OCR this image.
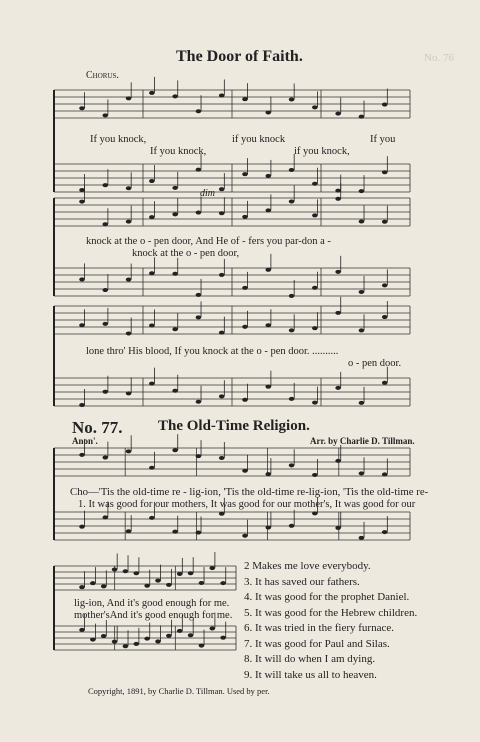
The Door of Faith.	No. 76
Chorus.
If you knock,	if you knock	If you
If you knock,	if you knock,
dim
knock at the o - pen door, And He of - fers you par-don a -
knock at the o - pen door,
lone thro' His blood, If you knock at the o - pen door. ..........
o - pen door.
No. 77. The Old-Time Religion.
Anon'.	Arr. by Charlie D. Tillman.
Cho—'Tis the old-time re - lig-ion, 'Tis the old-time re-lig-ion, 'Tis the old-time re-
1. It was good for our mothers, It was good for our mother's, It was good for our
lig-ion, And it's good enough for me.
mother'sAnd it's good enough for me.
2 Makes me love everybody.
3. It has saved our fathers.
4. It was good for the prophet Daniel.
5. It was good for the Hebrew children.
6. It was tried in the fiery furnace.
7. It was good for Paul and Silas.
8. It will do when I am dying.
9. It will take us all to heaven.
Copyright, 1891, by Charlie D. Tillman. Used by per.
